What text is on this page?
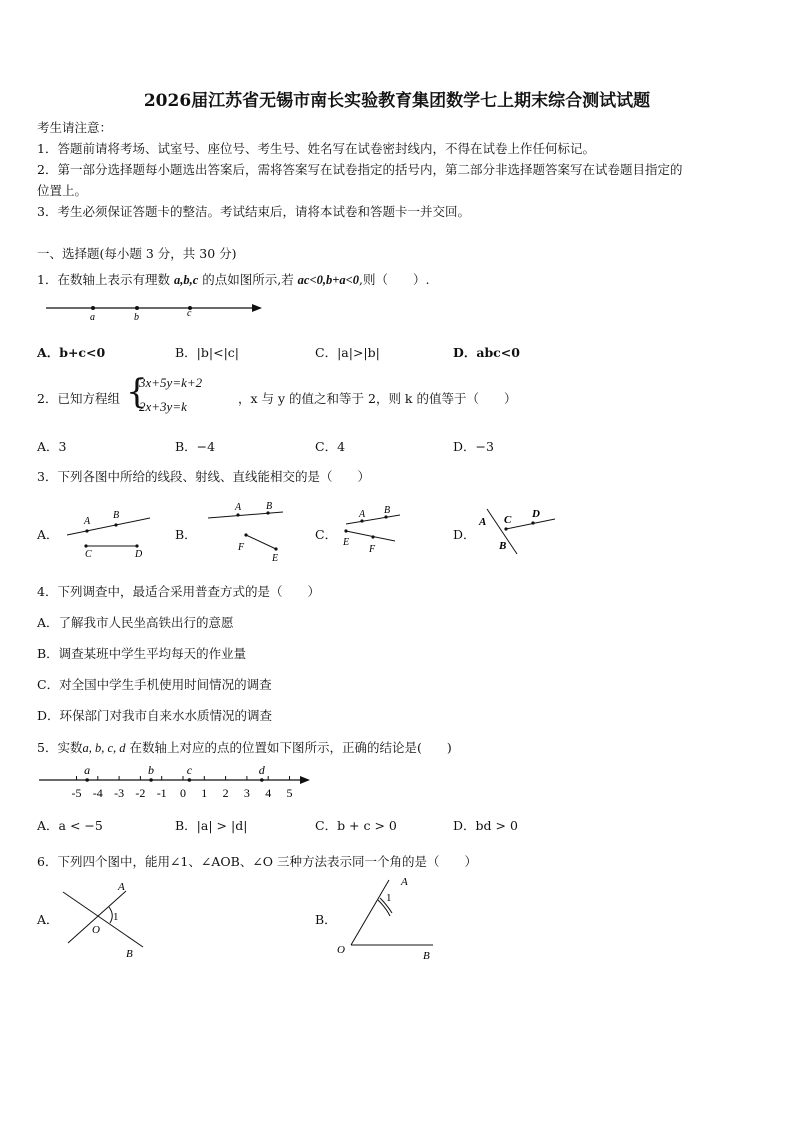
2026届江苏省无锡市南长实验教育集团数学七上期末综合测试试题
考生请注意：
1．答题前请将考场、试室号、座位号、考生号、姓名写在试卷密封线内，不得在试卷上作任何标记。
2．第一部分选择题每小题选出答案后，需将答案写在试卷指定的括号内，第二部分非选择题答案写在试卷题目指定的
位置上。
3．考生必须保证答题卡的整洁。考试结束后，请将本试卷和答题卡一并交回。
一、选择题(每小题 3 分，共 30 分)
1．在数轴上表示有理数 a,b,c 的点如图所示,若 ac<0,b+a<0,则（　　）.
a	b	c
A．b+c<0	B．|b|<|c|	C．|a|>|b|	D．abc<0
2．已知方程组 {
3x+5y=k+2
2x+3y=k
，x 与 y 的值之和等于 2，则 k 的值等于（　　）
A．3	B．−4	C．4	D．−3
3．下列各图中所给的线段、射线、直线能相交的是（　　）
A．
A
B
C	D
B．
A B
F
E
C．
A B
E
F
D．
A C D
B
4．下列调查中，最适合采用普查方式的是（　　）
A．了解我市人民坐高铁出行的意愿
B．调查某班中学生平均每天的作业量
C．对全国中学生手机使用时间情况的调查
D．环保部门对我市自来水水质情况的调查
5．实数a, b, c, d 在数轴上对应的点的位置如下图所示，正确的结论是(　　)
-5 -4 -3 -2 -1 0 1 2 3 4 5
a	b	c	d
A．a < −5	B．|a| > |d|	C．b + c > 0	D．bd > 0
6．下列四个图中，能用∠1、∠AOB、∠O 三种方法表示同一个角的是（　　）
A．
A
1
O
B
B．
A
1
O	B
